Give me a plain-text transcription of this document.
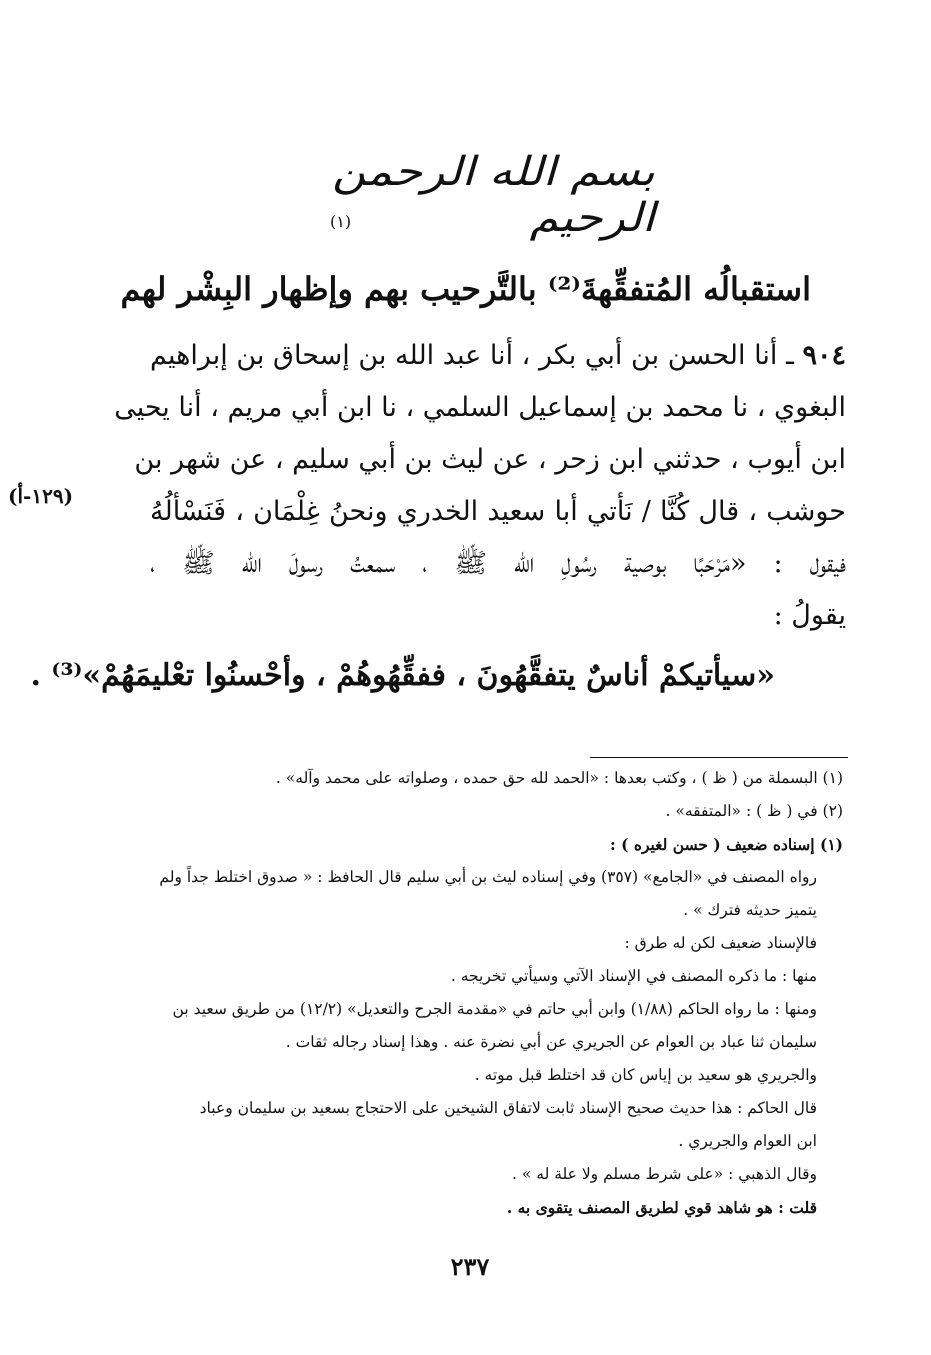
بسم الله الرحمن الرحيم
(١)
استقبالُه المُتفقِّهةَ⁽²⁾ بالتَّرحيب بهم وإظهار البِشْر لهم
٩٠٤ ـ أنا الحسن بن أبي بكر ، أنا عبد الله بن إسحاق بن إبراهيم
البغوي ، نا محمد بن إسماعيل السلمي ، نا ابن أبي مريم ، أنا يحيى
ابن أيوب ، حدثني ابن زحر ، عن ليث بن أبي سليم ، عن شهر بن
حوشب ، قال كُنَّا / نَأتي أبا سعيد الخدري ونحنُ غِلْمَان ، فَنَسْألُهُ
فيقول : «مَرْحَبًا بوصية رسُولِ الله ﷺ ، سمعتُ رسولَ الله ﷺ ،
يقولُ :
(١٢٩-أ)
«سيأتيكمْ أناسٌ يتفقَّهُونَ ، ففقِّهُوهُمْ ، وأحْسنُوا تعْليمَهُمْ»⁽³⁾ .
(١) البسملة من ( ظ ) ، وكتب بعدها : «الحمد لله حق حمده ، وصلواته على محمد وآله» .
(٢) في ( ظ ) : «المتفقه» .
(١) إسناده ضعيف ( حسن لغيره ) :
رواه المصنف في «الجامع» (٣٥٧) وفي إسناده ليث بن أبي سليم قال الحافظ : « صدوق اختلط جداً ولم
يتميز حديثه فترك » .
فالإسناد ضعيف لكن له طرق :
منها : ما ذكره المصنف في الإسناد الآتي وسيأتي تخريجه .
ومنها : ما رواه الحاكم (١/٨٨) وابن أبي حاتم في «مقدمة الجرح والتعديل» (١٢/٢) من طريق سعيد بن
سليمان ثنا عباد بن العوام عن الجريري عن أبي نضرة عنه . وهذا إسناد رجاله ثقات .
والجريري هو سعيد بن إياس كان قد اختلط قبل موته .
قال الحاكم : هذا حديث صحيح الإسناد ثابت لاتفاق الشيخين على الاحتجاج بسعيد بن سليمان وعباد
ابن العوام والجريري .
وقال الذهبي : «على شرط مسلم ولا علة له » .
قلت : هو شاهد قوي لطريق المصنف يتقوى به .
٢٣٧
